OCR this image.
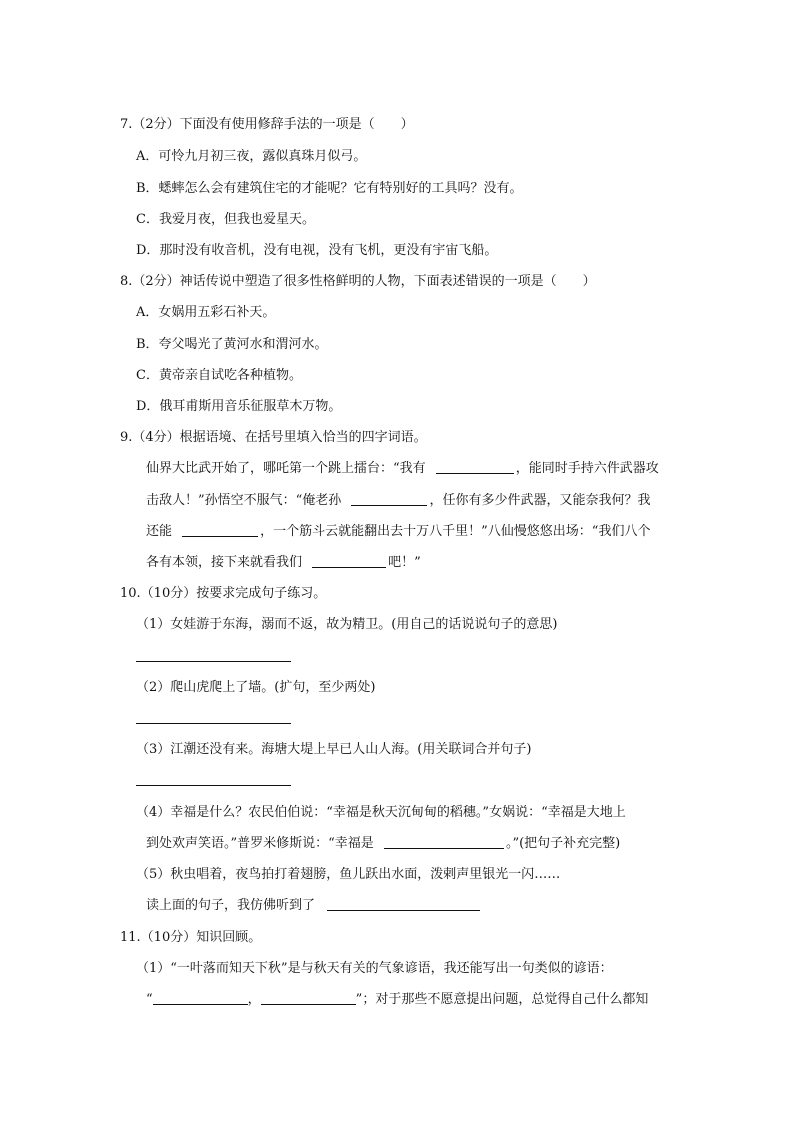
7.（2分）下面没有使用修辞手法的一项是（　　）
A．可怜九月初三夜，露似真珠月似弓。
B．蟋蟀怎么会有建筑住宅的才能呢？它有特别好的工具吗？没有。
C．我爱月夜，但我也爱星天。
D．那时没有收音机，没有电视，没有飞机，更没有宇宙飞船。
8.（2分）神话传说中塑造了很多性格鲜明的人物，下面表述错误的一项是（　　）
A．女娲用五彩石补天。
B．夸父喝光了黄河水和渭河水。
C．黄帝亲自试吃各种植物。
D．俄耳甫斯用音乐征服草木万物。
9.（4分）根据语境、在括号里填入恰当的四字词语。
仙界大比武开始了，哪吒第一个跳上擂台：“我有	，能同时手持六件武器攻
击敌人！”孙悟空不服气：“俺老孙	，任你有多少件武器，又能奈我何？我
还能	，一个筋斗云就能翻出去十万八千里！”八仙慢悠悠出场：“我们八个
各有本领，接下来就看我们	吧！”
10.（10分）按要求完成句子练习。
（1）女娃游于东海，溺而不返，故为精卫。(用自己的话说说句子的意思)
（2）爬山虎爬上了墙。(扩句，至少两处)
（3）江潮还没有来。海塘大堤上早已人山人海。(用关联词合并句子)
（4）幸福是什么？农民伯伯说：“幸福是秋天沉甸甸的稻穗。”女娲说：“幸福是大地上
到处欢声笑语。”普罗米修斯说：“幸福是	。”(把句子补充完整)
（5）秋虫唱着，夜鸟拍打着翅膀，鱼儿跃出水面，泼剌声里银光一闪……
读上面的句子，我仿佛听到了
11.（10分）知识回顾。
（1）“一叶落而知天下秋”是与秋天有关的气象谚语，我还能写出一句类似的谚语：
“	，	”；对于那些不愿意提出问题，总觉得自己什么都知
